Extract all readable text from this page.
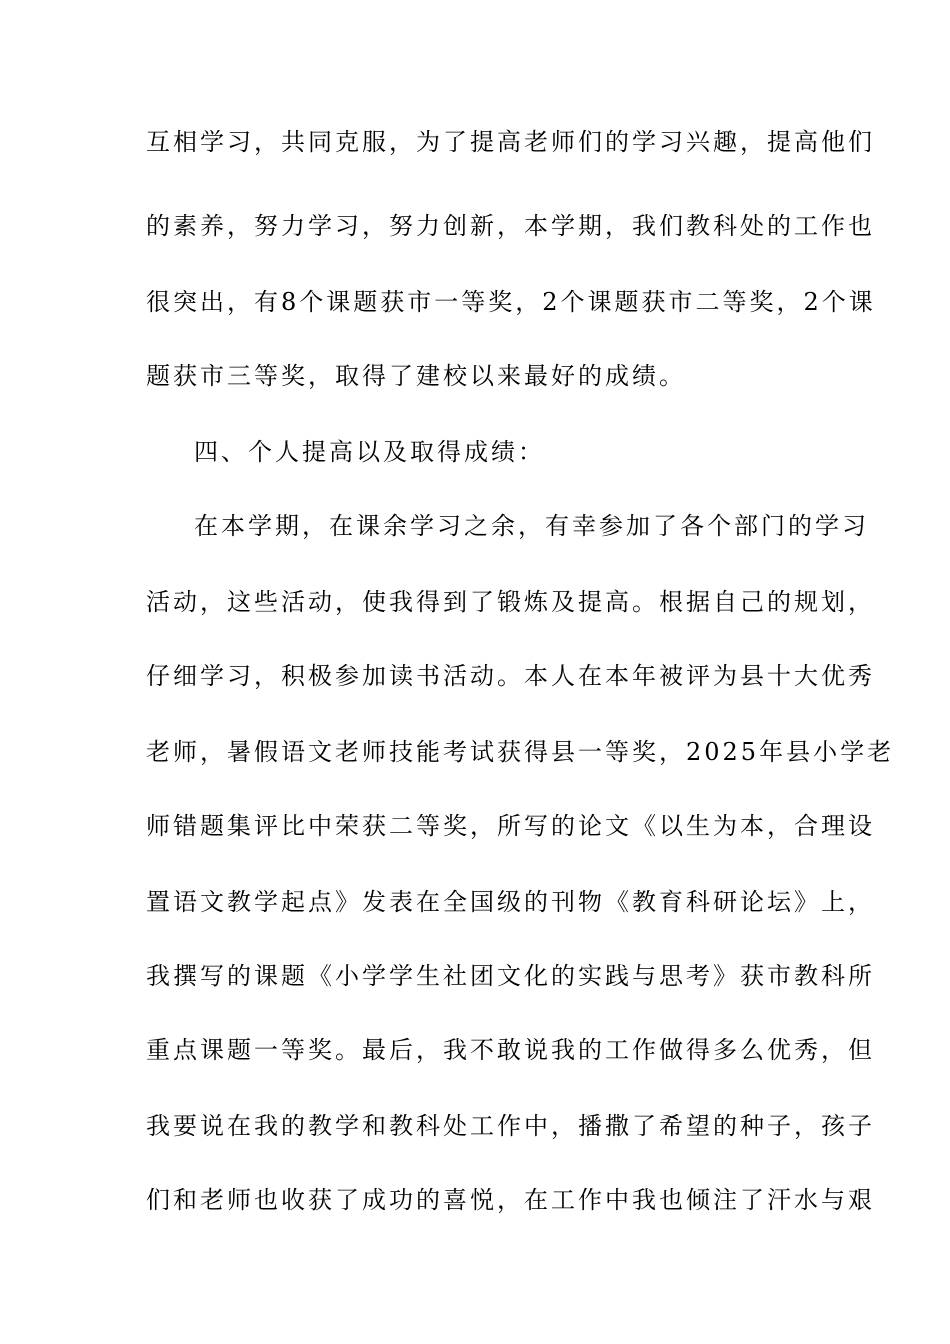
互相学习，共同克服，为了提高老师们的学习兴趣，提高他们
的素养，努力学习，努力创新，本学期，我们教科处的工作也
很突出，有8个课题获市一等奖，2个课题获市二等奖，2个课
题获市三等奖，取得了建校以来最好的成绩。
四、个人提高以及取得成绩：
在本学期，在课余学习之余，有幸参加了各个部门的学习
活动，这些活动，使我得到了锻炼及提高。根据自己的规划，
仔细学习，积极参加读书活动。本人在本年被评为县十大优秀
老师，暑假语文老师技能考试获得县一等奖，2025年县小学老
师错题集评比中荣获二等奖，所写的论文《以生为本，合理设
置语文教学起点》发表在全国级的刊物《教育科研论坛》上，
我撰写的课题《小学学生社团文化的实践与思考》获市教科所
重点课题一等奖。最后，我不敢说我的工作做得多么优秀，但
我要说在我的教学和教科处工作中，播撒了希望的种子，孩子
们和老师也收获了成功的喜悦，在工作中我也倾注了汗水与艰
